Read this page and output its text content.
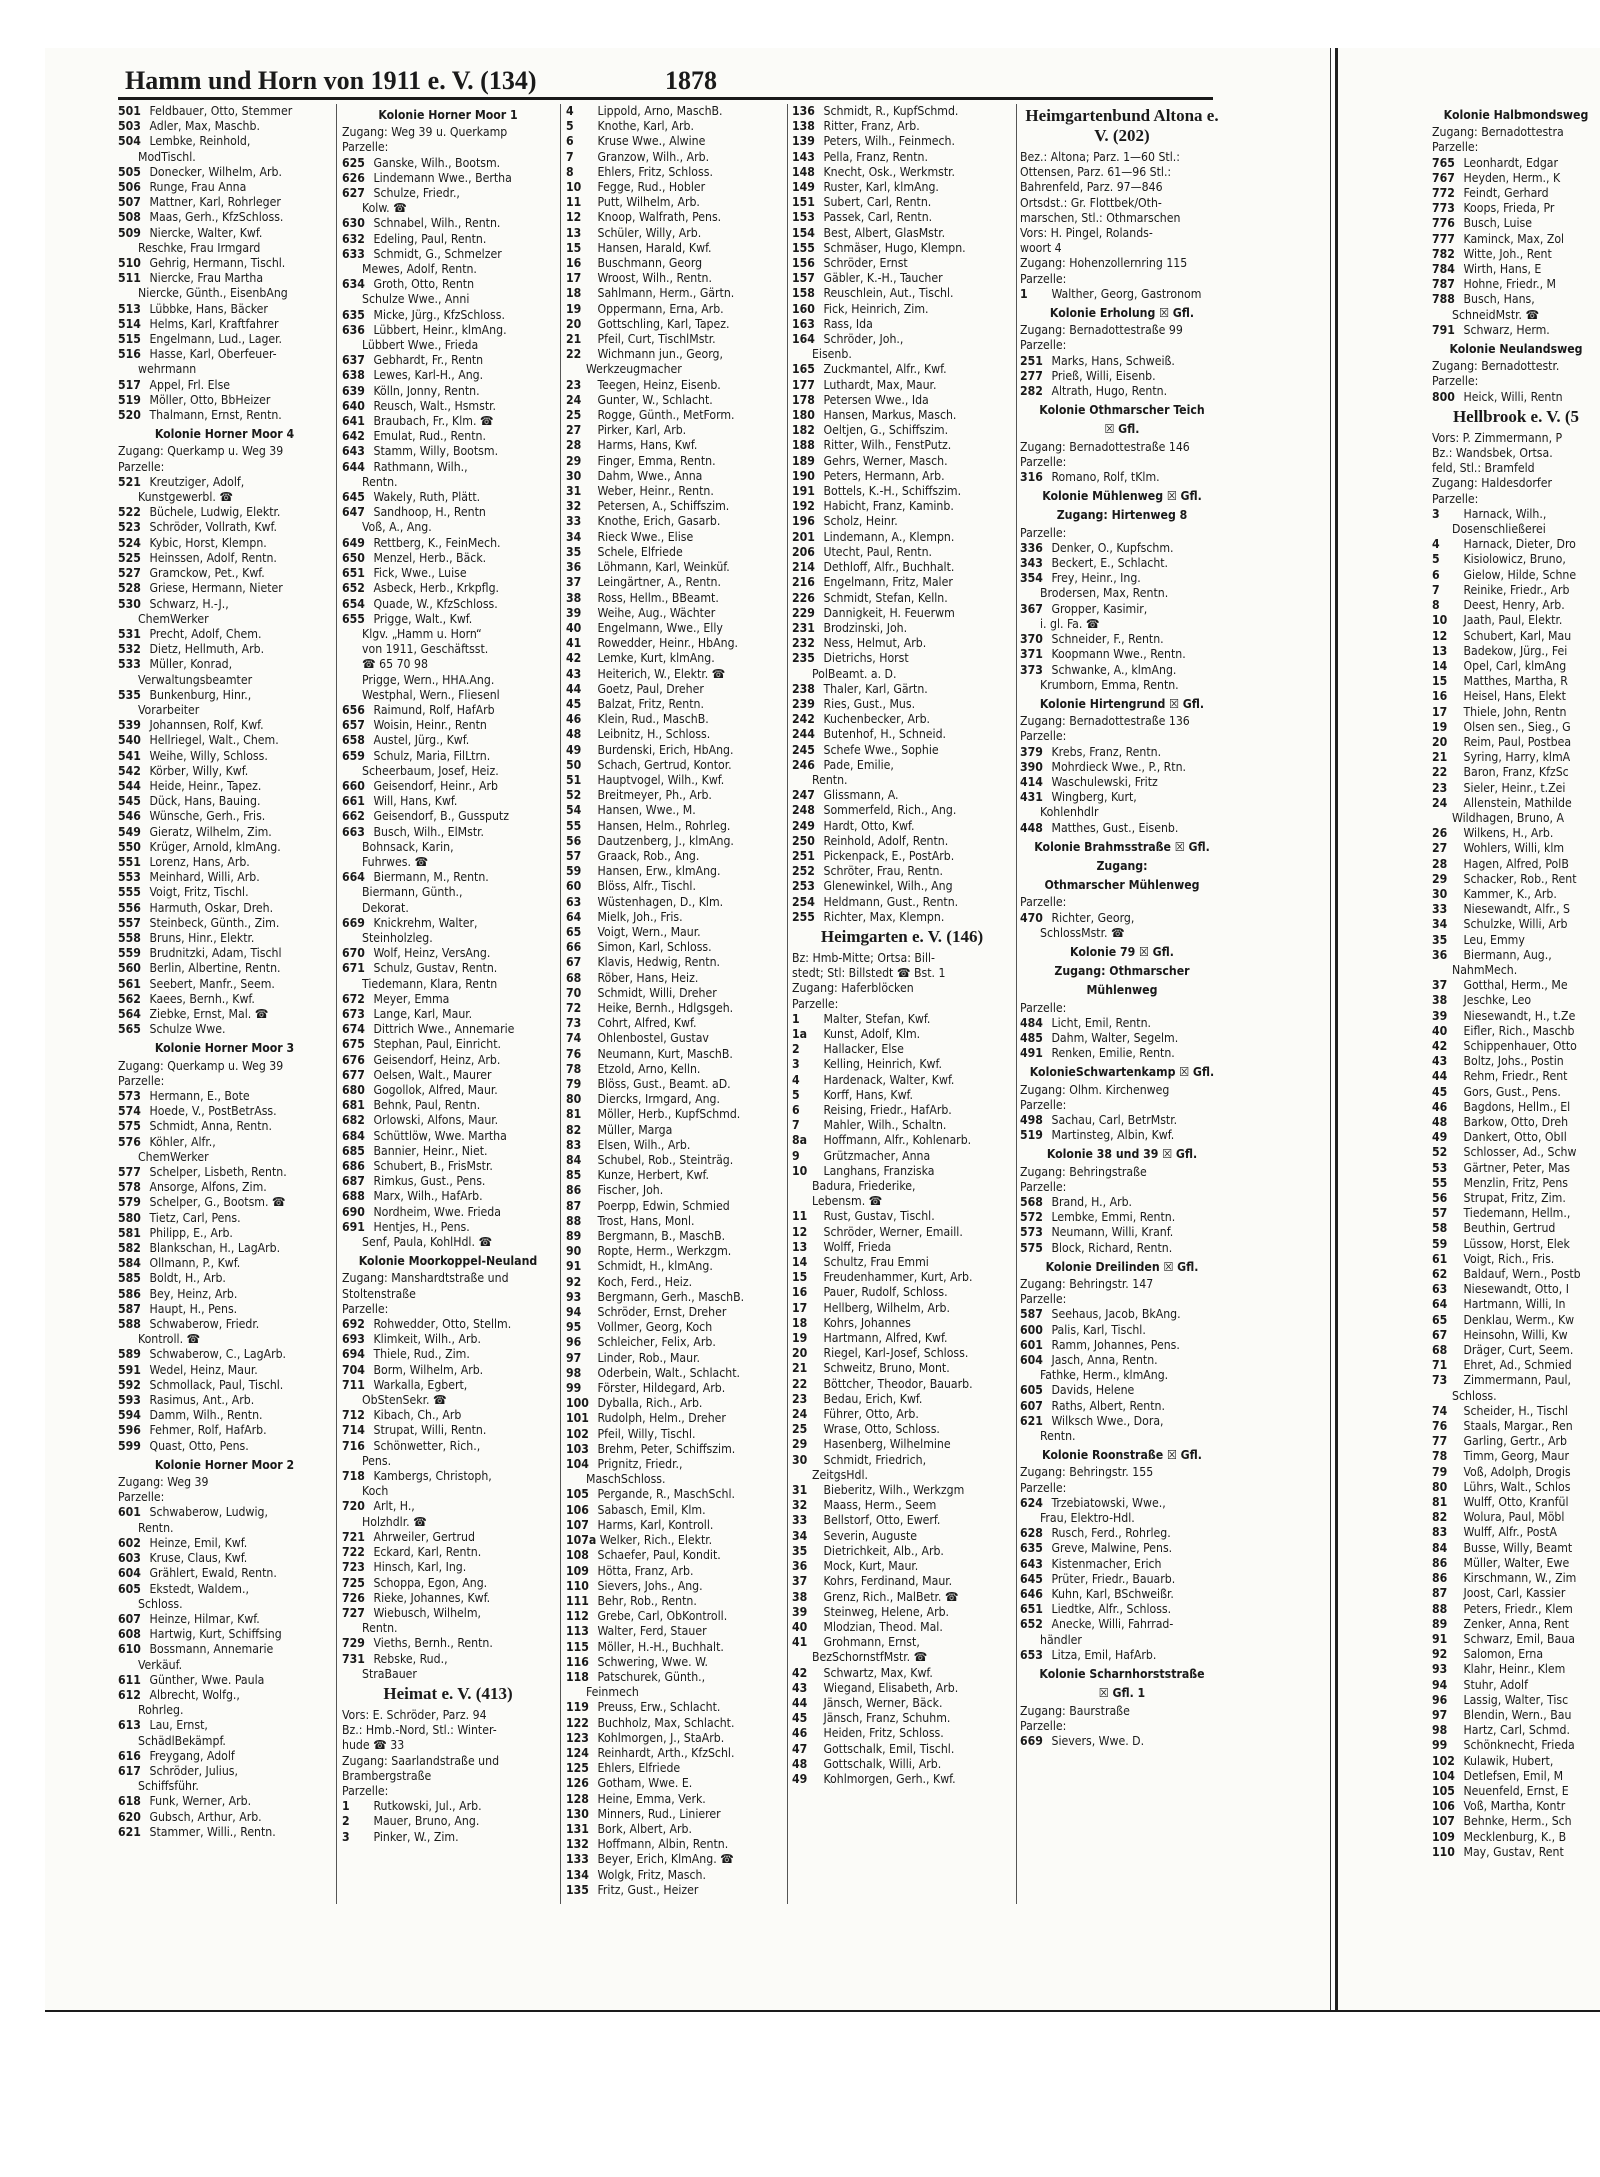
Hamm und Horn von 1911 e. V. (134)	1878
501 Feldbauer, Otto, Stemmer
503 Adler, Max, Maschb.
504 Lembke, Reinhold,
ModTischl.
505 Donecker, Wilhelm, Arb.
506 Runge, Frau Anna
507 Mattner, Karl, Rohrleger
508 Maas, Gerh., KfzSchloss.
509 Niercke, Walter, Kwf.
Reschke, Frau Irmgard
510 Gehrig, Hermann, Tischl.
511 Niercke, Frau Martha
Niercke, Günth., EisenbAng
513 Lübbke, Hans, Bäcker
514 Helms, Karl, Kraftfahrer
515 Engelmann, Lud., Lager.
516 Hasse, Karl, Oberfeuer-
wehrmann
517 Appel, Frl. Else
519 Möller, Otto, BbHeizer
520 Thalmann, Ernst, Rentn.
Kolonie Horner Moor 4
Zugang: Querkamp u. Weg 39
Parzelle:
521 Kreutziger, Adolf,
Kunstgewerbl. ☎
522 Büchele, Ludwig, Elektr.
523 Schröder, Vollrath, Kwf.
524 Kybic, Horst, Klempn.
525 Heinssen, Adolf, Rentn.
527 Gramckow, Pet., Kwf.
528 Griese, Hermann, Nieter
530 Schwarz, H.-J.,
ChemWerker
531 Precht, Adolf, Chem.
532 Dietz, Hellmuth, Arb.
533 Müller, Konrad,
Verwaltungsbeamter
535 Bunkenburg, Hinr.,
Vorarbeiter
539 Johannsen, Rolf, Kwf.
540 Hellriegel, Walt., Chem.
541 Weihe, Willy, Schloss.
542 Körber, Willy, Kwf.
544 Heide, Heinr., Tapez.
545 Dück, Hans, Bauing.
546 Wünsche, Gerh., Fris.
549 Gieratz, Wilhelm, Zim.
550 Krüger, Arnold, klmAng.
551 Lorenz, Hans, Arb.
553 Meinhard, Willi, Arb.
555 Voigt, Fritz, Tischl.
556 Harmuth, Oskar, Dreh.
557 Steinbeck, Günth., Zim.
558 Bruns, Hinr., Elektr.
559 Brudnitzki, Adam, Tischl
560 Berlin, Albertine, Rentn.
561 Seebert, Manfr., Seem.
562 Kaees, Bernh., Kwf.
564 Ziebke, Ernst, Mal. ☎
565 Schulze Wwe.
Kolonie Horner Moor 3
Zugang: Querkamp u. Weg 39
Parzelle:
573 Hermann, E., Bote
574 Hoede, V., PostBetrAss.
575 Schmidt, Anna, Rentn.
576 Köhler, Alfr.,
ChemWerker
577 Schelper, Lisbeth, Rentn.
578 Ansorge, Alfons, Zim.
579 Schelper, G., Bootsm. ☎
580 Tietz, Carl, Pens.
581 Philipp, E., Arb.
582 Blankschan, H., LagArb.
584 Ollmann, P., Kwf.
585 Boldt, H., Arb.
586 Bey, Heinz, Arb.
587 Haupt, H., Pens.
588 Schwaberow, Friedr.
Kontroll. ☎
589 Schwaberow, C., LagArb.
591 Wedel, Heinz, Maur.
592 Schmollack, Paul, Tischl.
593 Rasimus, Ant., Arb.
594 Damm, Wilh., Rentn.
596 Fehmer, Rolf, HafArb.
599 Quast, Otto, Pens.
Kolonie Horner Moor 2
Zugang: Weg 39
Parzelle:
601 Schwaberow, Ludwig,
Rentn.
602 Heinze, Emil, Kwf.
603 Kruse, Claus, Kwf.
604 Grählert, Ewald, Rentn.
605 Ekstedt, Waldem.,
Schloss.
607 Heinze, Hilmar, Kwf.
608 Hartwig, Kurt, Schiffsing
610 Bossmann, Annemarie
Verkäuf.
611 Günther, Wwe. Paula
612 Albrecht, Wolfg.,
Rohrleg.
613 Lau, Ernst,
SchädlBekämpf.
616 Freygang, Adolf
617 Schröder, Julius,
Schiffsführ.
618 Funk, Werner, Arb.
620 Gubsch, Arthur, Arb.
621 Stammer, Willi., Rentn.
Kolonie Horner Moor 1
Zugang: Weg 39 u. Querkamp
Parzelle:
625 Ganske, Wilh., Bootsm.
626 Lindemann Wwe., Bertha
627 Schulze, Friedr.,
Kolw. ☎
630 Schnabel, Wilh., Rentn.
632 Edeling, Paul, Rentn.
633 Schmidt, G., Schmelzer
Mewes, Adolf, Rentn.
634 Groth, Otto, Rentn
Schulze Wwe., Anni
635 Micke, Jürg., KfzSchloss.
636 Lübbert, Heinr., klmAng.
Lübbert Wwe., Frieda
637 Gebhardt, Fr., Rentn
638 Lewes, Karl-H., Ang.
639 Kölln, Jonny, Rentn.
640 Reusch, Walt., Hsmstr.
641 Braubach, Fr., Klm. ☎
642 Emulat, Rud., Rentn.
643 Stamm, Willy, Bootsm.
644 Rathmann, Wilh.,
Rentn.
645 Wakely, Ruth, Plätt.
647 Sandhoop, H., Rentn
Voß, A., Ang.
649 Rettberg, K., FeinMech.
650 Menzel, Herb., Bäck.
651 Fick, Wwe., Luise
652 Asbeck, Herb., Krkpflg.
654 Quade, W., KfzSchloss.
655 Prigge, Walt., Kwf.
Klgv. „Hamm u. Horn“
von 1911, Geschäftsst.
☎ 65 70 98
Prigge, Wern., HHA.Ang.
Westphal, Wern., Fliesenl
656 Raimund, Rolf, HafArb
657 Woisin, Heinr., Rentn
658 Austel, Jürg., Kwf.
659 Schulz, Maria, FilLtrn.
Scheerbaum, Josef, Heiz.
660 Geisendorf, Heinr., Arb
661 Will, Hans, Kwf.
662 Geisendorf, B., Gussputz
663 Busch, Wilh., ElMstr.
Bohnsack, Karin,
Fuhrwes. ☎
664 Biermann, M., Rentn.
Biermann, Günth.,
Dekorat.
669 Knickrehm, Walter,
Steinholzleg.
670 Wolf, Heinz, VersAng.
671 Schulz, Gustav, Rentn.
Tiedemann, Klara, Rentn
672 Meyer, Emma
673 Lange, Karl, Maur.
674 Dittrich Wwe., Annemarie
675 Stephan, Paul, Einricht.
676 Geisendorf, Heinz, Arb.
677 Oelsen, Walt., Maurer
680 Gogollok, Alfred, Maur.
681 Behnk, Paul, Rentn.
682 Orlowski, Alfons, Maur.
684 Schüttlöw, Wwe. Martha
685 Bannier, Heinr., Niet.
686 Schubert, B., FrisMstr.
687 Rimkus, Gust., Pens.
688 Marx, Wilh., HafArb.
690 Nordheim, Wwe. Frieda
691 Hentjes, H., Pens.
Senf, Paula, KohlHdl. ☎
Kolonie Moorkoppel-Neuland
Zugang: Manshardtstraße und
Stoltenstraße
Parzelle:
692 Rohwedder, Otto, Stellm.
693 Klimkeit, Wilh., Arb.
694 Thiele, Rud., Zim.
704 Borm, Wilhelm, Arb.
711 Warkalla, Egbert,
ObStenSekr. ☎
712 Kibach, Ch., Arb
714 Strupat, Willi, Rentn.
716 Schönwetter, Rich.,
Pens.
718 Kambergs, Christoph,
Koch
720 Arlt, H.,
Holzhdlr. ☎
721 Ahrweiler, Gertrud
722 Eckard, Karl, Rentn.
723 Hinsch, Karl, Ing.
725 Schoppa, Egon, Ang.
726 Rieke, Johannes, Kwf.
727 Wiebusch, Wilhelm,
Rentn.
729 Vieths, Bernh., Rentn.
731 Rebske, Rud.,
StraBauer
Heimat e. V. (413)
Vors: E. Schröder, Parz. 94
Bz.: Hmb.-Nord, Stl.: Winter-
hude ☎ 33
Zugang: Saarlandstraße und
Brambergstraße
Parzelle:
1 Rutkowski, Jul., Arb.
2 Mauer, Bruno, Ang.
3 Pinker, W., Zim.
4 Lippold, Arno, MaschB.
5 Knothe, Karl, Arb.
6 Kruse Wwe., Alwine
7 Granzow, Wilh., Arb.
8 Ehlers, Fritz, Schloss.
10 Fegge, Rud., Hobler
11 Putt, Wilhelm, Arb.
12 Knoop, Walfrath, Pens.
13 Schüler, Willy, Arb.
15 Hansen, Harald, Kwf.
16 Buschmann, Georg
17 Wroost, Wilh., Rentn.
18 Sahlmann, Herm., Gärtn.
19 Oppermann, Erna, Arb.
20 Gottschling, Karl, Tapez.
21 Pfeil, Curt, TischlMstr.
22 Wichmann jun., Georg,
Werkzeugmacher
23 Teegen, Heinz, Eisenb.
24 Gunter, W., Schlacht.
25 Rogge, Günth., MetForm.
27 Pirker, Karl, Arb.
28 Harms, Hans, Kwf.
29 Finger, Emma, Rentn.
30 Dahm, Wwe., Anna
31 Weber, Heinr., Rentn.
32 Petersen, A., Schiffszim.
33 Knothe, Erich, Gasarb.
34 Rieck Wwe., Elise
35 Schele, Elfriede
36 Löhmann, Karl, Weinküf.
37 Leingärtner, A., Rentn.
38 Ross, Hellm., BBeamt.
39 Weihe, Aug., Wächter
40 Engelmann, Wwe., Elly
41 Rowedder, Heinr., HbAng.
42 Lemke, Kurt, klmAng.
43 Heiterich, W., Elektr. ☎
44 Goetz, Paul, Dreher
45 Balzat, Fritz, Rentn.
46 Klein, Rud., MaschB.
48 Leibnitz, H., Schloss.
49 Burdenski, Erich, HbAng.
50 Schach, Gertrud, Kontor.
51 Hauptvogel, Wilh., Kwf.
52 Breitmeyer, Ph., Arb.
54 Hansen, Wwe., M.
55 Hansen, Helm., Rohrleg.
56 Dautzenberg, J., klmAng.
57 Graack, Rob., Ang.
59 Hansen, Erw., klmAng.
60 Blöss, Alfr., Tischl.
63 Wüstenhagen, D., Klm.
64 Mielk, Joh., Fris.
65 Voigt, Wern., Maur.
66 Simon, Karl, Schloss.
67 Klavis, Hedwig, Rentn.
68 Röber, Hans, Heiz.
70 Schmidt, Willi, Dreher
72 Heike, Bernh., Hdlgsgeh.
73 Cohrt, Alfred, Kwf.
74 Ohlenbostel, Gustav
76 Neumann, Kurt, MaschB.
78 Etzold, Arno, Kelln.
79 Blöss, Gust., Beamt. aD.
80 Diercks, Irmgard, Ang.
81 Möller, Herb., KupfSchmd.
82 Müller, Marga
83 Elsen, Wilh., Arb.
84 Schubel, Rob., Steinträg.
85 Kunze, Herbert, Kwf.
86 Fischer, Joh.
87 Poerpp, Edwin, Schmied
88 Trost, Hans, Monl.
89 Bergmann, B., MaschB.
90 Ropte, Herm., Werkzgm.
91 Schmidt, H., klmAng.
92 Koch, Ferd., Heiz.
93 Bergmann, Gerh., MaschB.
94 Schröder, Ernst, Dreher
95 Vollmer, Georg, Koch
96 Schleicher, Felix, Arb.
97 Linder, Rob., Maur.
98 Oderbein, Walt., Schlacht.
99 Förster, Hildegard, Arb.
100 Dyballa, Rich., Arb.
101 Rudolph, Helm., Dreher
102 Pfeil, Willy, Tischl.
103 Brehm, Peter, Schiffszim.
104 Prignitz, Friedr.,
MaschSchloss.
105 Pergande, R., MaschSchl.
106 Sabasch, Emil, Klm.
107 Harms, Karl, Kontroll.
107a Welker, Rich., Elektr.
108 Schaefer, Paul, Kondit.
109 Hötta, Franz, Arb.
110 Sievers, Johs., Ang.
111 Behr, Rob., Rentn.
112 Grebe, Carl, ObKontroll.
113 Walter, Ferd, Stauer
115 Möller, H.-H., Buchhalt.
116 Schwering, Wwe. W.
118 Patschurek, Günth.,
Feinmech
119 Preuss, Erw., Schlacht.
122 Buchholz, Max, Schlacht.
123 Kohlmorgen, J., StaArb.
124 Reinhardt, Arth., KfzSchl.
125 Ehlers, Elfriede
126 Gotham, Wwe. E.
128 Heine, Emma, Verk.
130 Minners, Rud., Linierer
131 Bork, Albert, Arb.
132 Hoffmann, Albin, Rentn.
133 Beyer, Erich, KlmAng. ☎
134 Wolgk, Fritz, Masch.
135 Fritz, Gust., Heizer
136 Schmidt, R., KupfSchmd.
138 Ritter, Franz, Arb.
139 Peters, Wilh., Feinmech.
143 Pella, Franz, Rentn.
148 Knecht, Osk., Werkmstr.
149 Ruster, Karl, klmAng.
151 Subert, Carl, Rentn.
153 Passek, Carl, Rentn.
154 Best, Albert, GlasMstr.
155 Schmäser, Hugo, Klempn.
156 Schröder, Ernst
157 Gäbler, K.-H., Taucher
158 Reuschlein, Aut., Tischl.
160 Fick, Heinrich, Zim.
163 Rass, Ida
164 Schröder, Joh.,
Eisenb.
165 Zuckmantel, Alfr., Kwf.
177 Luthardt, Max, Maur.
178 Petersen Wwe., Ida
180 Hansen, Markus, Masch.
182 Oeltjen, G., Schiffszim.
188 Ritter, Wilh., FenstPutz.
189 Gehrs, Werner, Masch.
190 Peters, Hermann, Arb.
191 Bottels, K.-H., Schiffszim.
192 Habicht, Franz, Kaminb.
196 Scholz, Heinr.
201 Lindemann, A., Klempn.
206 Utecht, Paul, Rentn.
214 Dethloff, Alfr., Buchhalt.
216 Engelmann, Fritz, Maler
226 Schmidt, Stefan, Kelln.
229 Dannigkeit, H. Feuerwm
231 Brodzinski, Joh.
232 Ness, Helmut, Arb.
235 Dietrichs, Horst
PolBeamt. a. D.
238 Thaler, Karl, Gärtn.
239 Ries, Gust., Mus.
242 Kuchenbecker, Arb.
244 Butenhof, H., Schneid.
245 Schefe Wwe., Sophie
246 Pade, Emilie,
Rentn.
247 Glissmann, A.
248 Sommerfeld, Rich., Ang.
249 Hardt, Otto, Kwf.
250 Reinhold, Adolf, Rentn.
251 Pickenpack, E., PostArb.
252 Schröter, Frau, Rentn.
253 Glenewinkel, Wilh., Ang
254 Heldmann, Gust., Rentn.
255 Richter, Max, Klempn.
Heimgarten e. V. (146)
Bz: Hmb-Mitte; Ortsa: Bill-
stedt; Stl: Billstedt ☎ Bst. 1
Zugang: Haferblöcken
Parzelle:
1 Malter, Stefan, Kwf.
1a Kunst, Adolf, Klm.
2 Hallacker, Else
3 Kelling, Heinrich, Kwf.
4 Hardenack, Walter, Kwf.
5 Korff, Hans, Kwf.
6 Reising, Friedr., HafArb.
7 Mahler, Wilh., Schaltn.
8a Hoffmann, Alfr., Kohlenarb.
9 Grützmacher, Anna
10 Langhans, Franziska
Badura, Friederike,
Lebensm. ☎
11 Rust, Gustav, Tischl.
12 Schröder, Werner, Emaill.
13 Wolff, Frieda
14 Schultz, Frau Emmi
15 Freudenhammer, Kurt, Arb.
16 Pauer, Rudolf, Schloss.
17 Hellberg, Wilhelm, Arb.
18 Kohrs, Johannes
19 Hartmann, Alfred, Kwf.
20 Riegel, Karl-Josef, Schloss.
21 Schweitz, Bruno, Mont.
22 Böttcher, Theodor, Bauarb.
23 Bedau, Erich, Kwf.
24 Führer, Otto, Arb.
25 Wrase, Otto, Schloss.
29 Hasenberg, Wilhelmine
30 Schmidt, Friedrich,
ZeitgsHdl.
31 Bieberitz, Wilh., Werkzgm
32 Maass, Herm., Seem
33 Bellstorf, Otto, Ewerf.
34 Severin, Auguste
35 Dietrichkeit, Alb., Arb.
36 Mock, Kurt, Maur.
37 Kohrs, Ferdinand, Maur.
38 Grenz, Rich., MalBetr. ☎
39 Steinweg, Helene, Arb.
40 Mlodzian, Theod. Mal.
41 Grohmann, Ernst,
BezSchornstfMstr. ☎
42 Schwartz, Max, Kwf.
43 Wiegand, Elisabeth, Arb.
44 Jänsch, Werner, Bäck.
45 Jänsch, Franz, Schuhm.
46 Heiden, Fritz, Schloss.
47 Gottschalk, Emil, Tischl.
48 Gottschalk, Willi, Arb.
49 Kohlmorgen, Gerh., Kwf.
Heimgartenbund Altona e. V. (202)
Bez.: Altona; Parz. 1—60 Stl.:
Ottensen, Parz. 61—96 Stl.:
Bahrenfeld, Parz. 97—846
Ortsdst.: Gr. Flottbek/Oth-
marschen, Stl.: Othmarschen
Vors: H. Pingel, Rolands-
woort 4
Zugang: Hohenzollernring 115
Parzelle:
1 Walther, Georg, Gastronom
Kolonie Erholung ☒ Gfl.
Zugang: Bernadottestraße 99
Parzelle:
251 Marks, Hans, Schweiß.
277 Prieß, Willi, Eisenb.
282 Altrath, Hugo, Rentn.
Kolonie Othmarscher Teich
☒ Gfl.
Zugang: Bernadottestraße 146
Parzelle:
316 Romano, Rolf, tKlm.
Kolonie Mühlenweg ☒ Gfl.
Zugang: Hirtenweg 8
Parzelle:
336 Denker, O., Kupfschm.
343 Beckert, E., Schlacht.
354 Frey, Heinr., Ing.
Brodersen, Max, Rentn.
367 Gropper, Kasimir,
i. gl. Fa. ☎
370 Schneider, F., Rentn.
371 Koopmann Wwe., Rentn.
373 Schwanke, A., klmAng.
Krumborn, Emma, Rentn.
Kolonie Hirtengrund ☒ Gfl.
Zugang: Bernadottestraße 136
Parzelle:
379 Krebs, Franz, Rentn.
390 Mohrdieck Wwe., P., Rtn.
414 Waschulewski, Fritz
431 Wingberg, Kurt,
Kohlenhdlr
448 Matthes, Gust., Eisenb.
Kolonie Brahmsstraße ☒ Gfl.
Zugang:
Othmarscher Mühlenweg
Parzelle:
470 Richter, Georg,
SchlossMstr. ☎
Kolonie 79 ☒ Gfl.
Zugang: Othmarscher
Mühlenweg
Parzelle:
484 Licht, Emil, Rentn.
485 Dahm, Walter, Segelm.
491 Renken, Emilie, Rentn.
KolonieSchwartenkamp ☒ Gfl.
Zugang: Olhm. Kirchenweg
Parzelle:
498 Sachau, Carl, BetrMstr.
519 Martinsteg, Albin, Kwf.
Kolonie 38 und 39 ☒ Gfl.
Zugang: Behringstraße
Parzelle:
568 Brand, H., Arb.
572 Lembke, Emmi, Rentn.
573 Neumann, Willi, Kranf.
575 Block, Richard, Rentn.
Kolonie Dreilinden ☒ Gfl.
Zugang: Behringstr. 147
Parzelle:
587 Seehaus, Jacob, BkAng.
600 Palis, Karl, Tischl.
601 Ramm, Johannes, Pens.
604 Jasch, Anna, Rentn.
Fathke, Herm., klmAng.
605 Davids, Helene
607 Raths, Albert, Rentn.
621 Wilksch Wwe., Dora,
Rentn.
Kolonie Roonstraße ☒ Gfl.
Zugang: Behringstr. 155
Parzelle:
624 Trzebiatowski, Wwe.,
Frau, Elektro-Hdl.
628 Rusch, Ferd., Rohrleg.
635 Greve, Malwine, Pens.
643 Kistenmacher, Erich
645 Prüter, Friedr., Bauarb.
646 Kuhn, Karl, BSchweißr.
651 Liedtke, Alfr., Schloss.
652 Anecke, Willi, Fahrrad-
händler
653 Litza, Emil, HafArb.
Kolonie Scharnhorststraße
☒ Gfl. 1
Zugang: Baurstraße
Parzelle:
669 Sievers, Wwe. D.
Kolonie Halbmondsweg
Zugang: Bernadottestra
Parzelle:
765 Leonhardt, Edgar
767 Heyden, Herm., K
772 Feindt, Gerhard
773 Koops, Frieda, Pr
776 Busch, Luise
777 Kaminck, Max, Zol
782 Witte, Joh., Rent
784 Wirth, Hans, E
787 Hohne, Friedr., M
788 Busch, Hans,
SchneidMstr. ☎
791 Schwarz, Herm.
Kolonie Neulandsweg
Zugang: Bernadottestr.
Parzelle:
800 Heick, Willi, Rentn
Hellbrook e. V. (5
Vors: P. Zimmermann, P
Bz.: Wandsbek, Ortsa.
feld, Stl.: Bramfeld
Zugang: Haldesdorfer
Parzelle:
3 Harnack, Wilh.,
Dosenschließerei
4 Harnack, Dieter, Dro
5 Kisiolowicz, Bruno,
6 Gielow, Hilde, Schne
7 Reinike, Friedr., Arb
8 Deest, Henry, Arb.
10 Jaath, Paul, Elektr.
12 Schubert, Karl, Mau
13 Badekow, Jürg., Fei
14 Opel, Carl, klmAng
15 Matthes, Martha, R
16 Heisel, Hans, Elekt
17 Thiele, John, Rentn
19 Olsen sen., Sieg., G
20 Reim, Paul, Postbea
21 Syring, Harry, klmA
22 Baron, Franz, KfzSc
23 Sieler, Heinr., t.Zei
24 Allenstein, Mathilde
Wildhagen, Bruno, A
26 Wilkens, H., Arb.
27 Wohlers, Willi, klm
28 Hagen, Alfred, PolB
29 Schacker, Rob., Rent
30 Kammer, K., Arb.
33 Niesewandt, Alfr., S
34 Schulzke, Willi, Arb
35 Leu, Emmy
36 Biermann, Aug.,
NahmMech.
37 Gotthal, Herm., Me
38 Jeschke, Leo
39 Niesewandt, H., t.Ze
40 Eifler, Rich., Maschb
42 Schippenhauer, Otto
43 Boltz, Johs., Postin
44 Rehm, Friedr., Rent
45 Gors, Gust., Pens.
46 Bagdons, Hellm., El
48 Barkow, Otto, Dreh
49 Dankert, Otto, ObIl
52 Schlosser, Ad., Schw
53 Gärtner, Peter, Mas
55 Menzlin, Fritz, Pens
56 Strupat, Fritz, Zim.
57 Tiedemann, Hellm.,
58 Beuthin, Gertrud
59 Lüssow, Horst, Elek
61 Voigt, Rich., Fris.
62 Baldauf, Wern., Postb
63 Niesewandt, Otto, I
64 Hartmann, Willi, In
65 Denklau, Werm., Kw
67 Heinsohn, Willi, Kw
68 Dräger, Curt, Seem.
71 Ehret, Ad., Schmied
73 Zimmermann, Paul,
Schloss.
74 Scheider, H., Tischl
76 Staals, Margar., Ren
77 Garling, Gertr., Arb
78 Timm, Georg, Maur
79 Voß, Adolph, Drogis
80 Lührs, Walt., Schlos
81 Wulff, Otto, Kranfül
82 Wolura, Paul, Möbl
83 Wulff, Alfr., PostA
84 Busse, Willy, Beamt
86 Müller, Walter, Ewe
86 Kirschmann, W., Zim
87 Joost, Carl, Kassier
88 Peters, Friedr., Klem
89 Zenker, Anna, Rent
91 Schwarz, Emil, Baua
92 Salomon, Erna
93 Klahr, Heinr., Klem
94 Stuhr, Adolf
96 Lassig, Walter, Tisc
97 Blendin, Wern., Bau
98 Hartz, Carl, Schmd.
99 Schönknecht, Frieda
102 Kulawik, Hubert,
104 Detlefsen, Emil, M
105 Neuenfeld, Ernst, E
106 Voß, Martha, Kontr
107 Behnke, Herm., Sch
109 Mecklenburg, K., B
110 May, Gustav, Rent
